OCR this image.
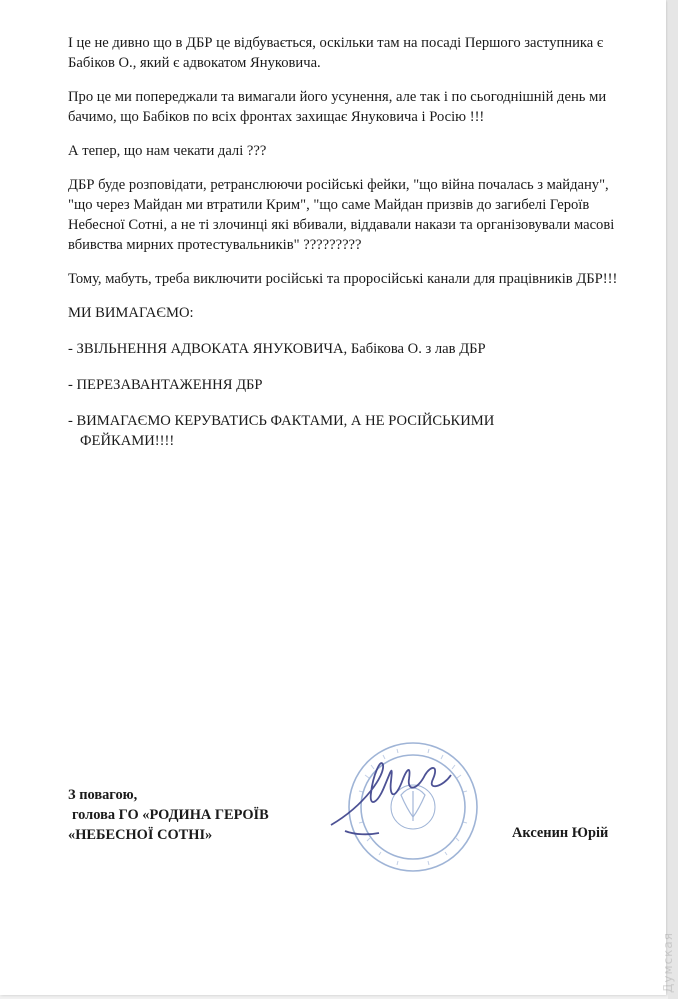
І це не дивно що в ДБР це відбувається, оскільки там на посаді Першого заступника є Бабіков О., який є адвокатом Януковича.

Про це ми попереджали та вимагали його усунення, але так і по сьогоднішній день ми бачимо, що Бабіков по всіх фронтах захищає Януковича і Росію !!!

А тепер, що нам чекати далі ???

ДБР буде розповідати, ретранслюючи російські фейки, "що війна почалась з майдану", "що через Майдан ми втратили Крим", "що саме Майдан призвів до загибелі Героїв Небесної Сотні, а не ті злочинці які вбивали, віддавали накази та організовували масові вбивства мирних протестувальників" ?????????

Тому, мабуть, треба виключити російські та проросійські канали для працівників ДБР!!!

МИ ВИМАГАЄМО:

- ЗВІЛЬНЕННЯ АДВОКАТА ЯНУКОВИЧА, Бабікова О. з лав ДБР

- ПЕРЕЗАВАНТАЖЕННЯ ДБР

- ВИМАГАЄМО КЕРУВАТИСЬ ФАКТАМИ, А НЕ РОСІЙСЬКИМИ
ФЕЙКАМИ!!!!

З повагою,
голова ГО «РОДИНА ГЕРОЇВ
«НЕБЕСНОЇ СОТНІ»	Аксенин Юрій
Думская
